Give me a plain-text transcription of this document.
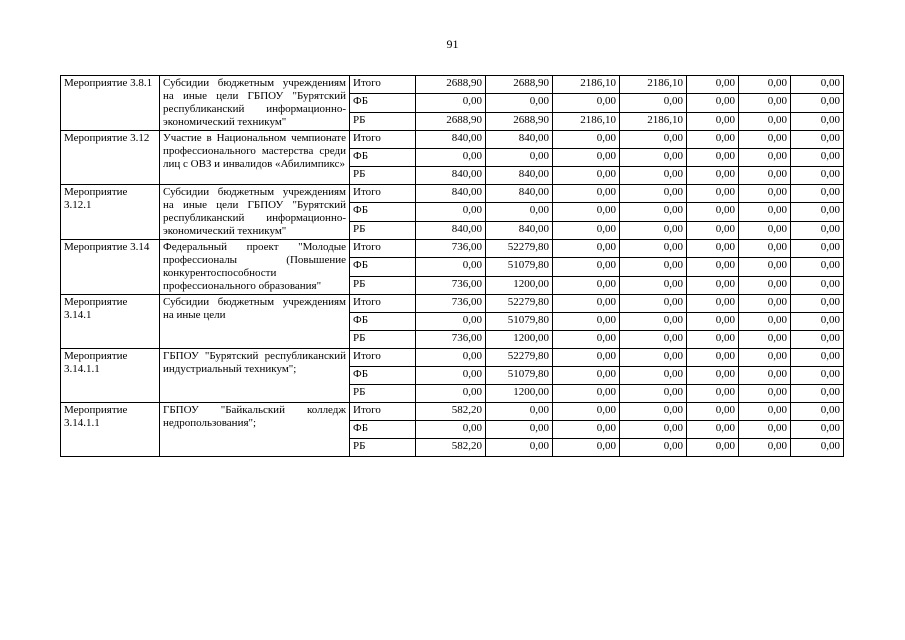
91
Мероприятие 3.8.1	Субсидии бюджетным учреждениям на иные цели ГБПОУ "Бурятский республиканский информационно-экономический техникум"	Итого	2688,90	2688,90	2186,10	2186,10	0,00	0,00	0,00
		ФБ	0,00	0,00	0,00	0,00	0,00	0,00	0,00
		РБ	2688,90	2688,90	2186,10	2186,10	0,00	0,00	0,00
Мероприятие 3.12	Участие в Национальном чемпионате профессионального мастерства среди лиц с ОВЗ и инвалидов «Абилимпикс»	Итого	840,00	840,00	0,00	0,00	0,00	0,00	0,00
		ФБ	0,00	0,00	0,00	0,00	0,00	0,00	0,00
		РБ	840,00	840,00	0,00	0,00	0,00	0,00	0,00
Мероприятие 3.12.1	Субсидии бюджетным учреждениям на иные цели ГБПОУ "Бурятский республиканский информационно-экономический техникум"	Итого	840,00	840,00	0,00	0,00	0,00	0,00	0,00
		ФБ	0,00	0,00	0,00	0,00	0,00	0,00	0,00
		РБ	840,00	840,00	0,00	0,00	0,00	0,00	0,00
Мероприятие 3.14	Федеральный проект "Молодые профессионалы (Повышение конкурентоспособности профессионального образования"	Итого	736,00	52279,80	0,00	0,00	0,00	0,00	0,00
		ФБ	0,00	51079,80	0,00	0,00	0,00	0,00	0,00
		РБ	736,00	1200,00	0,00	0,00	0,00	0,00	0,00
Мероприятие 3.14.1	Субсидии бюджетным учреждениям на иные цели	Итого	736,00	52279,80	0,00	0,00	0,00	0,00	0,00
		ФБ	0,00	51079,80	0,00	0,00	0,00	0,00	0,00
		РБ	736,00	1200,00	0,00	0,00	0,00	0,00	0,00
Мероприятие 3.14.1.1	ГБПОУ "Бурятский республиканский индустриальный техникум";	Итого	0,00	52279,80	0,00	0,00	0,00	0,00	0,00
		ФБ	0,00	51079,80	0,00	0,00	0,00	0,00	0,00
		РБ	0,00	1200,00	0,00	0,00	0,00	0,00	0,00
Мероприятие 3.14.1.1	ГБПОУ "Байкальский колледж недропользования";	Итого	582,20	0,00	0,00	0,00	0,00	0,00	0,00
		ФБ	0,00	0,00	0,00	0,00	0,00	0,00	0,00
		РБ	582,20	0,00	0,00	0,00	0,00	0,00	0,00
